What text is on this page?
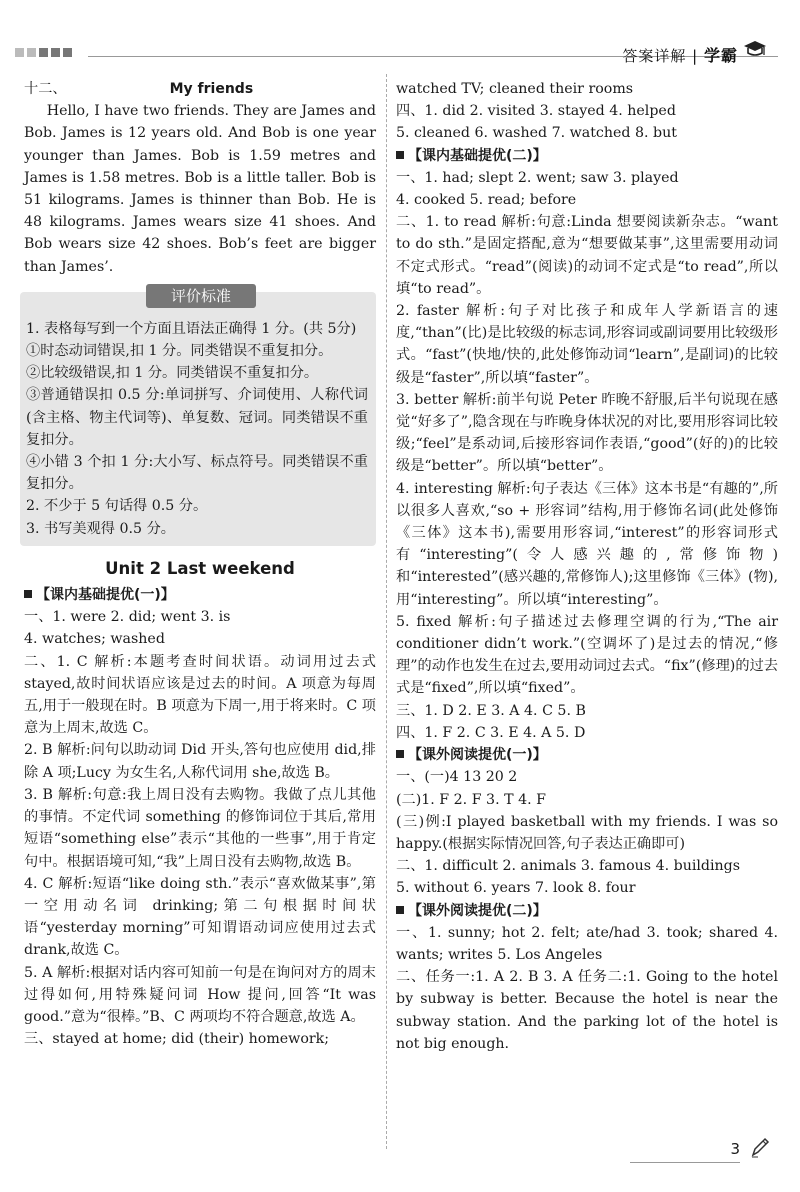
答案详解 | 学霸

十二、	My friends

Hello, I have two friends. They are James and Bob. James is 12 years old. And Bob is one year younger than James. Bob is 1.59 metres and James is 1.58 metres. Bob is a little taller. Bob is 51 kilograms. James is thinner than Bob. He is 48 kilograms. James wears size 41 shoes. And Bob wears size 42 shoes. Bob’s feet are bigger than James’.

评价标准

1. 表格每写到一个方面且语法正确得 1 分。(共 5分)

①时态动词错误,扣 1 分。同类错误不重复扣分。

②比较级错误,扣 1 分。同类错误不重复扣分。

③普通错误扣 0.5 分:单词拼写、介词使用、人称代词(含主格、物主代词等)、单复数、冠词。同类错误不重复扣分。

④小错 3 个扣 1 分:大小写、标点符号。同类错误不重复扣分。

2. 不少于 5 句话得 0.5 分。

3. 书写美观得 0.5 分。

Unit 2 Last weekend

【课内基础提优(一)】

一、1. were 2. did; went 3. is

4. watches; washed

二、1. C 解析:本题考查时间状语。动词用过去式 stayed,故时间状语应该是过去的时间。A 项意为每周五,用于一般现在时。B 项意为下周一,用于将来时。C 项意为上周末,故选 C。

2. B 解析:问句以助动词 Did 开头,答句也应使用 did,排除 A 项;Lucy 为女生名,人称代词用 she,故选 B。

3. B 解析:句意:我上周日没有去购物。我做了点儿其他的事情。不定代词 something 的修饰词位于其后,常用短语“something else”表示“其他的一些事”,用于肯定句中。根据语境可知,“我”上周日没有去购物,故选 B。

4. C 解析:短语“like doing sth.”表示“喜欢做某事”,第一空用动名词 drinking;第二句根据时间状语“yesterday morning”可知谓语动词应使用过去式 drank,故选 C。

5. A 解析:根据对话内容可知前一句是在询问对方的周末过得如何,用特殊疑问词 How 提问,回答“It was good.”意为“很棒。”B、C 两项均不符合题意,故选 A。

三、stayed at home; did (their) homework;

watched TV; cleaned their rooms

四、1. did 2. visited 3. stayed 4. helped

5. cleaned 6. washed 7. watched 8. but

【课内基础提优(二)】

一、1. had; slept 2. went; saw 3. played

4. cooked 5. read; before

二、1. to read 解析:句意:Linda 想要阅读新杂志。“want to do sth.”是固定搭配,意为“想要做某事”,这里需要用动词不定式形式。“read”(阅读)的动词不定式是“to read”,所以填“to read”。

2. faster 解析:句子对比孩子和成年人学新语言的速度,“than”(比)是比较级的标志词,形容词或副词要用比较级形式。“fast”(快地/快的,此处修饰动词“learn”,是副词)的比较级是“faster”,所以填“faster”。

3. better 解析:前半句说 Peter 昨晚不舒服,后半句说现在感觉“好多了”,隐含现在与昨晚身体状况的对比,要用形容词比较级;“feel”是系动词,后接形容词作表语,“good”(好的)的比较级是“better”。所以填“better”。

4. interesting 解析:句子表达《三体》这本书是“有趣的”,所以很多人喜欢,“so + 形容词”结构,用于修饰名词(此处修饰《三体》这本书),需要用形容词,“interest”的形容词形式有“interesting”(令人感兴趣的,常修饰物)和“interested”(感兴趣的,常修饰人);这里修饰《三体》(物),用“interesting”。所以填“interesting”。

5. fixed 解析:句子描述过去修理空调的行为,“The air conditioner didn’t work.”(空调坏了)是过去的情况,“修理”的动作也发生在过去,要用动词过去式。“fix”(修理)的过去式是“fixed”,所以填“fixed”。

三、1. D 2. E 3. A 4. C 5. B

四、1. F 2. C 3. E 4. A 5. D

【课外阅读提优(一)】

一、(一)4 13 20 2

(二)1. F 2. F 3. T 4. F

(三)例:I played basketball with my friends. I was so happy.(根据实际情况回答,句子表达正确即可)

二、1. difficult 2. animals 3. famous 4. buildings

5. without 6. years 7. look 8. four

【课外阅读提优(二)】

一、1. sunny; hot 2. felt; ate/had 3. took; shared 4. wants; writes 5. Los Angeles

二、任务一:1. A 2. B 3. A 任务二:1. Going to the hotel by subway is better. Because the hotel is near the subway station. And the parking lot of the hotel is not big enough.

3
